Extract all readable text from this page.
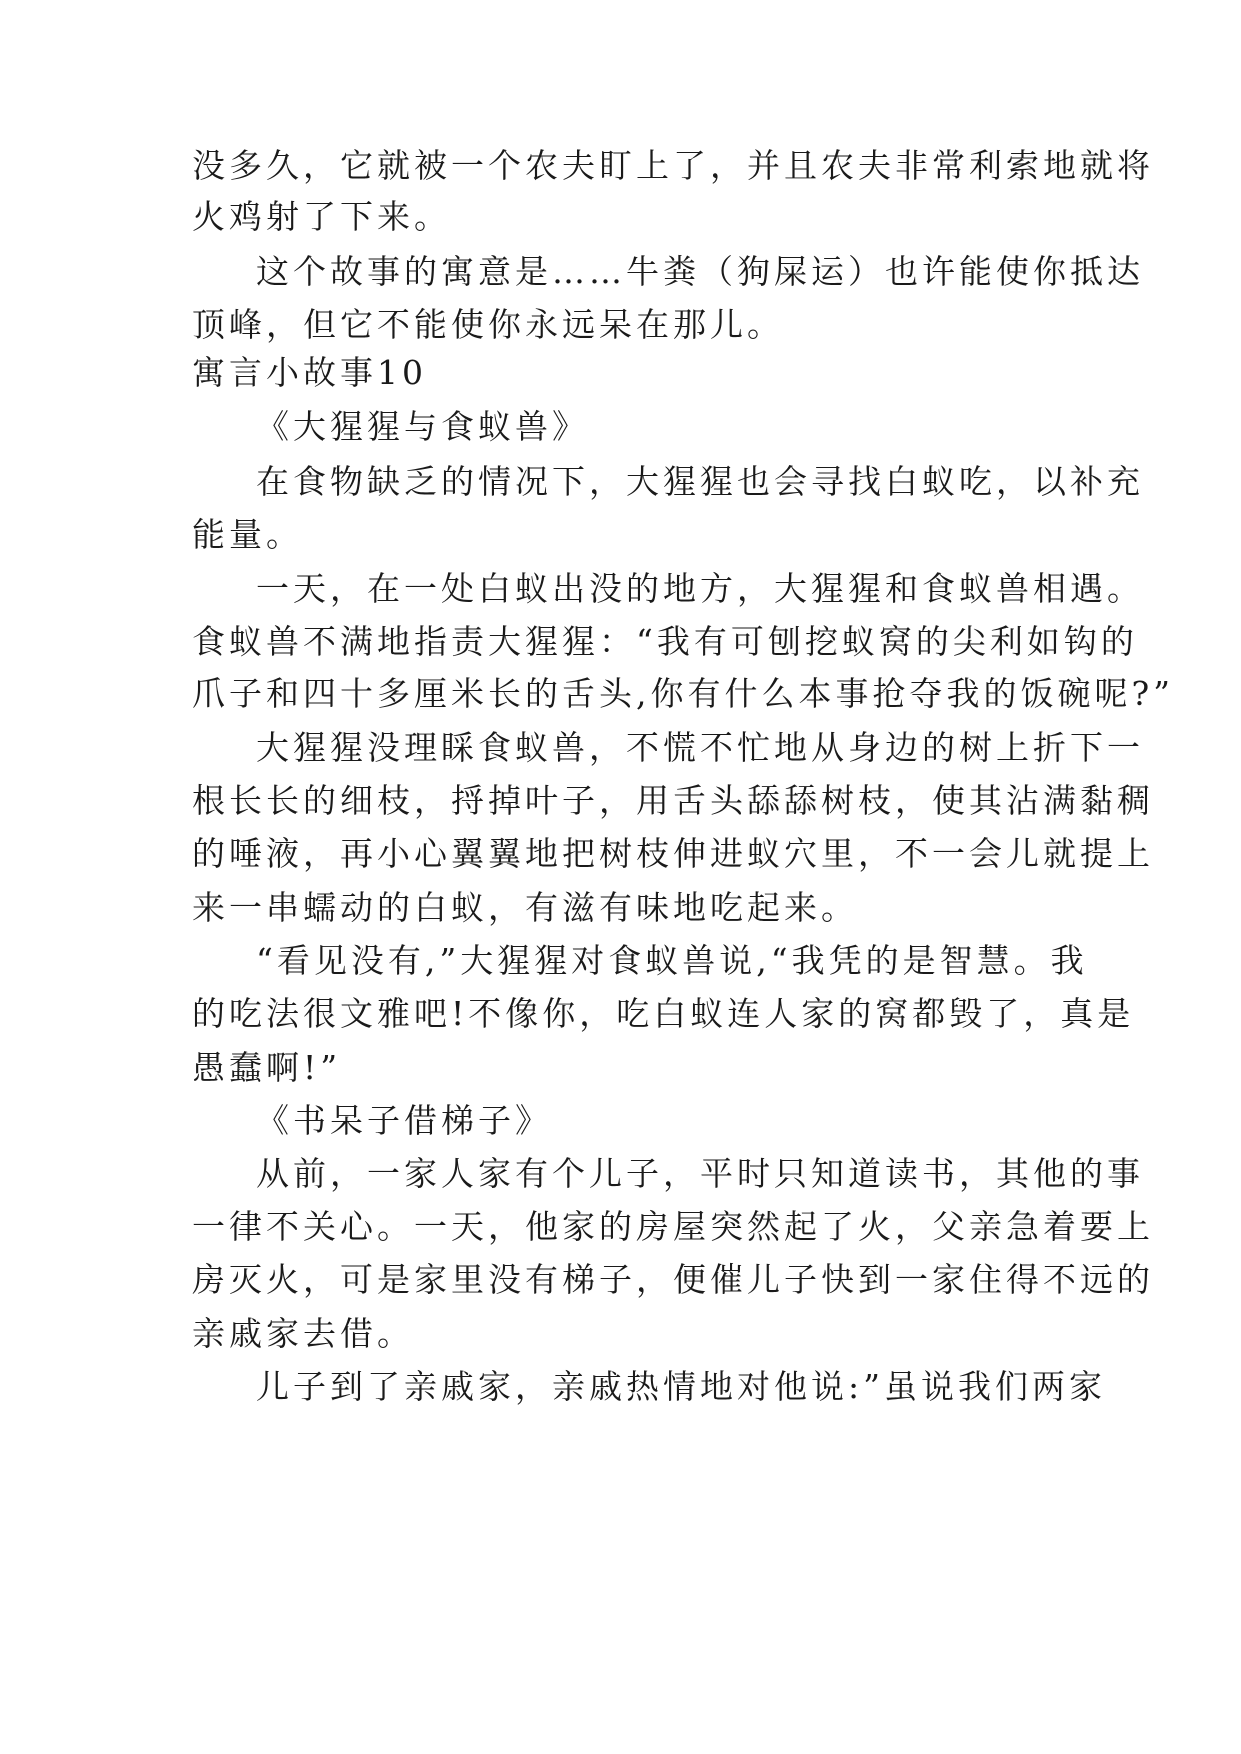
没多久，它就被一个农夫盯上了，并且农夫非常利索地就将
火鸡射了下来。
这个故事的寓意是……牛粪（狗屎运）也许能使你抵达
顶峰，但它不能使你永远呆在那儿。
寓言小故事10
《大猩猩与食蚁兽》
在食物缺乏的情况下，大猩猩也会寻找白蚁吃，以补充
能量。
一天，在一处白蚁出没的地方，大猩猩和食蚁兽相遇。
食蚁兽不满地指责大猩猩：“我有可刨挖蚁窝的尖利如钩的
爪子和四十多厘米长的舌头,你有什么本事抢夺我的饭碗呢?”
大猩猩没理睬食蚁兽，不慌不忙地从身边的树上折下一
根长长的细枝，捋掉叶子，用舌头舔舔树枝，使其沾满黏稠
的唾液，再小心翼翼地把树枝伸进蚁穴里，不一会儿就提上
来一串蠕动的白蚁，有滋有味地吃起来。
“看见没有,”大猩猩对食蚁兽说,“我凭的是智慧。我
的吃法很文雅吧!不像你，吃白蚁连人家的窝都毁了，真是
愚蠢啊!”
《书呆子借梯子》
从前，一家人家有个儿子，平时只知道读书，其他的事
一律不关心。一天，他家的房屋突然起了火，父亲急着要上
房灭火，可是家里没有梯子，便催儿子快到一家住得不远的
亲戚家去借。
儿子到了亲戚家，亲戚热情地对他说:”虽说我们两家
